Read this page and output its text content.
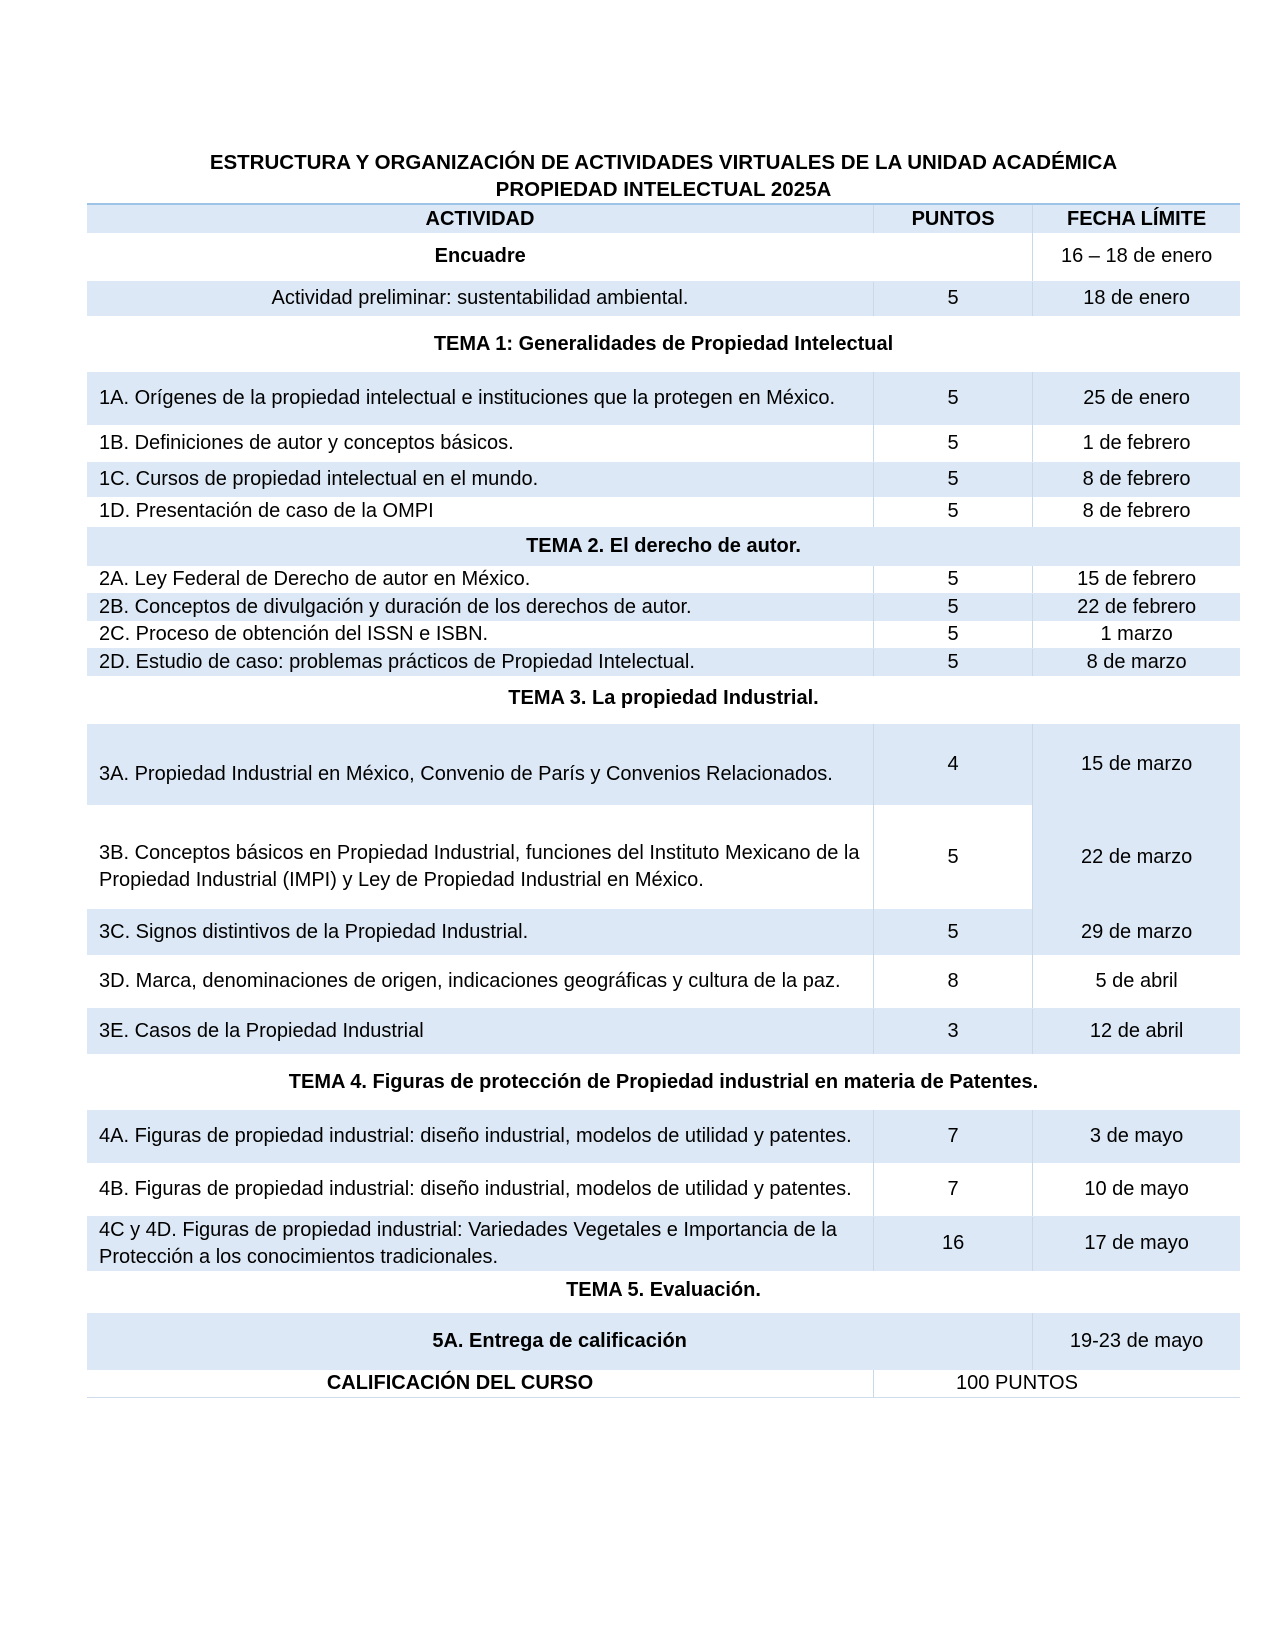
ESTRUCTURA Y ORGANIZACIÓN DE ACTIVIDADES VIRTUALES DE LA UNIDAD ACADÉMICA
PROPIEDAD INTELECTUAL 2025A
ACTIVIDAD	PUNTOS	FECHA LÍMITE
Encuadre		16 – 18 de enero
Actividad preliminar: sustentabilidad ambiental.	5	18 de enero
TEMA 1: Generalidades de Propiedad Intelectual		
1A. Orígenes de la propiedad intelectual e instituciones que la protegen en México.	5	25 de enero
1B. Definiciones de autor y conceptos básicos.	5	1 de febrero
1C. Cursos de propiedad intelectual en el mundo.	5	8 de febrero
1D. Presentación de caso de la OMPI	5	8 de febrero
TEMA 2. El derecho de autor.		
2A. Ley Federal de Derecho de autor en México.	5	15 de febrero
2B. Conceptos de divulgación y duración de los derechos de autor.	5	22 de febrero
2C. Proceso de obtención del ISSN e ISBN.	5	1 marzo
2D. Estudio de caso: problemas prácticos de Propiedad Intelectual.	5	8 de marzo
TEMA 3. La propiedad Industrial.		
3A. Propiedad Industrial en México, Convenio de París y Convenios Relacionados.	4	15 de marzo
3B. Conceptos básicos en Propiedad Industrial, funciones del Instituto Mexicano de la Propiedad Industrial (IMPI) y Ley de Propiedad Industrial en México.	5	22 de marzo
3C. Signos distintivos de la Propiedad Industrial.	5	29 de marzo
3D. Marca, denominaciones de origen, indicaciones geográficas y cultura de la paz.	8	5 de abril
3E. Casos de la Propiedad Industrial	3	12 de abril
TEMA 4. Figuras de protección de Propiedad industrial en materia de Patentes.		
4A. Figuras de propiedad industrial: diseño industrial, modelos de utilidad y patentes.	7	3 de mayo
4B. Figuras de propiedad industrial: diseño industrial, modelos de utilidad y patentes.	7	10 de mayo
4C y 4D. Figuras de propiedad industrial: Variedades Vegetales e Importancia de la Protección a los conocimientos tradicionales.	16	17 de mayo
TEMA 5. Evaluación.		
5A. Entrega de calificación		19-23 de mayo
CALIFICACIÓN DEL CURSO	100 PUNTOS	
